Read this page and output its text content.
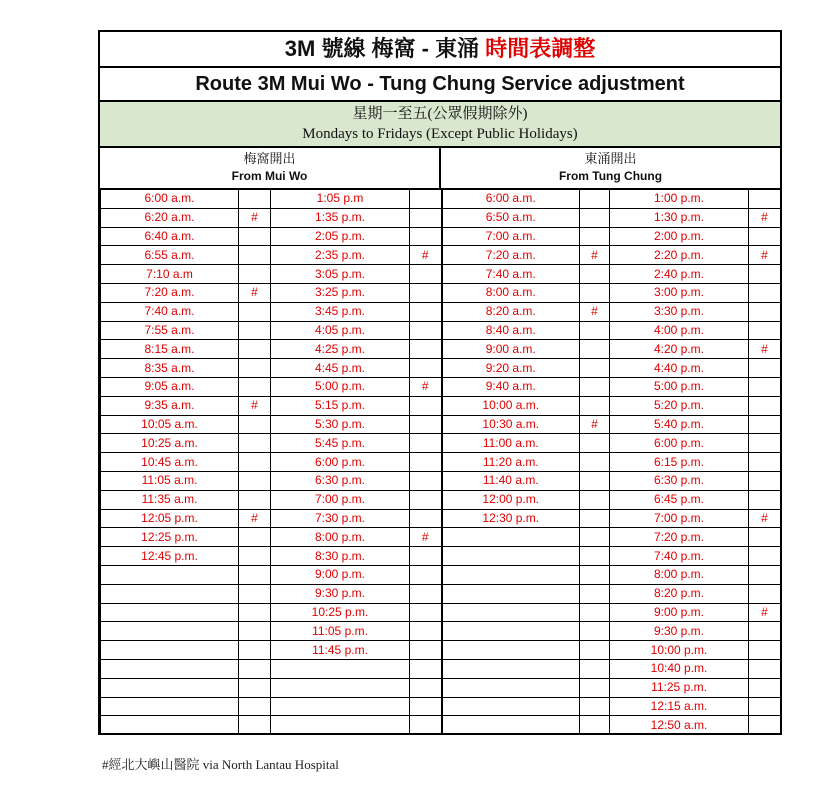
3M 號線 梅窩 - 東涌 時間表調整
Route 3M Mui Wo - Tung Chung Service adjustment
星期一至五(公眾假期除外)
Mondays to Fridays (Except Public Holidays)
梅窩開出
From Mui Wo
東涌開出
From Tung Chung
6:00 a.m.		1:05 p.m		6:00 a.m.		1:00 p.m.	
6:20 a.m.	#	1:35 p.m.		6:50 a.m.		1:30 p.m.	#
6:40 a.m.		2:05 p.m.		7:00 a.m.		2:00 p.m.	
6:55 a.m.		2:35 p.m.	#	7:20 a.m.	#	2:20 p.m.	#
7:10 a.m		3:05 p.m.		7:40 a.m.		2:40 p.m.	
7:20 a.m.	#	3:25 p.m.		8:00 a.m.		3:00 p.m.	
7:40 a.m.		3:45 p.m.		8:20 a.m.	#	3:30 p.m.	
7:55 a.m.		4:05 p.m.		8:40 a.m.		4:00 p.m.	
8:15 a.m.		4:25 p.m.		9:00 a.m.		4:20 p.m.	#
8:35 a.m.		4:45 p.m.		9:20 a.m.		4:40 p.m.	
9:05 a.m.		5:00 p.m.	#	9:40 a.m.		5:00 p.m.	
9:35 a.m.	#	5:15 p.m.		10:00 a.m.		5:20 p.m.	
10:05 a.m.		5:30 p.m.		10:30 a.m.	#	5:40 p.m.	
10:25 a.m.		5:45 p.m.		11:00 a.m.		6:00 p.m.	
10:45 a.m.		6:00 p.m.		11:20 a.m.		6:15 p.m.	
11:05 a.m.		6:30 p.m.		11:40 a.m.		6:30 p.m.	
11:35 a.m.		7:00 p.m.		12:00 p.m.		6:45 p.m.	
12:05 p.m.	#	7:30 p.m.		12:30 p.m.		7:00 p.m.	#
12:25 p.m.		8:00 p.m.	#			7:20 p.m.	
12:45 p.m.		8:30 p.m.				7:40 p.m.	
		9:00 p.m.				8:00 p.m.	
		9:30 p.m.				8:20 p.m.	
		10:25 p.m.				9:00 p.m.	#
		11:05 p.m.				9:30 p.m.	
		11:45 p.m.				10:00 p.m.	
						10:40 p.m.	
						11:25 p.m.	
						12:15 a.m.	
						12:50 a.m.	
#經北大嶼山醫院 via North Lantau Hospital
